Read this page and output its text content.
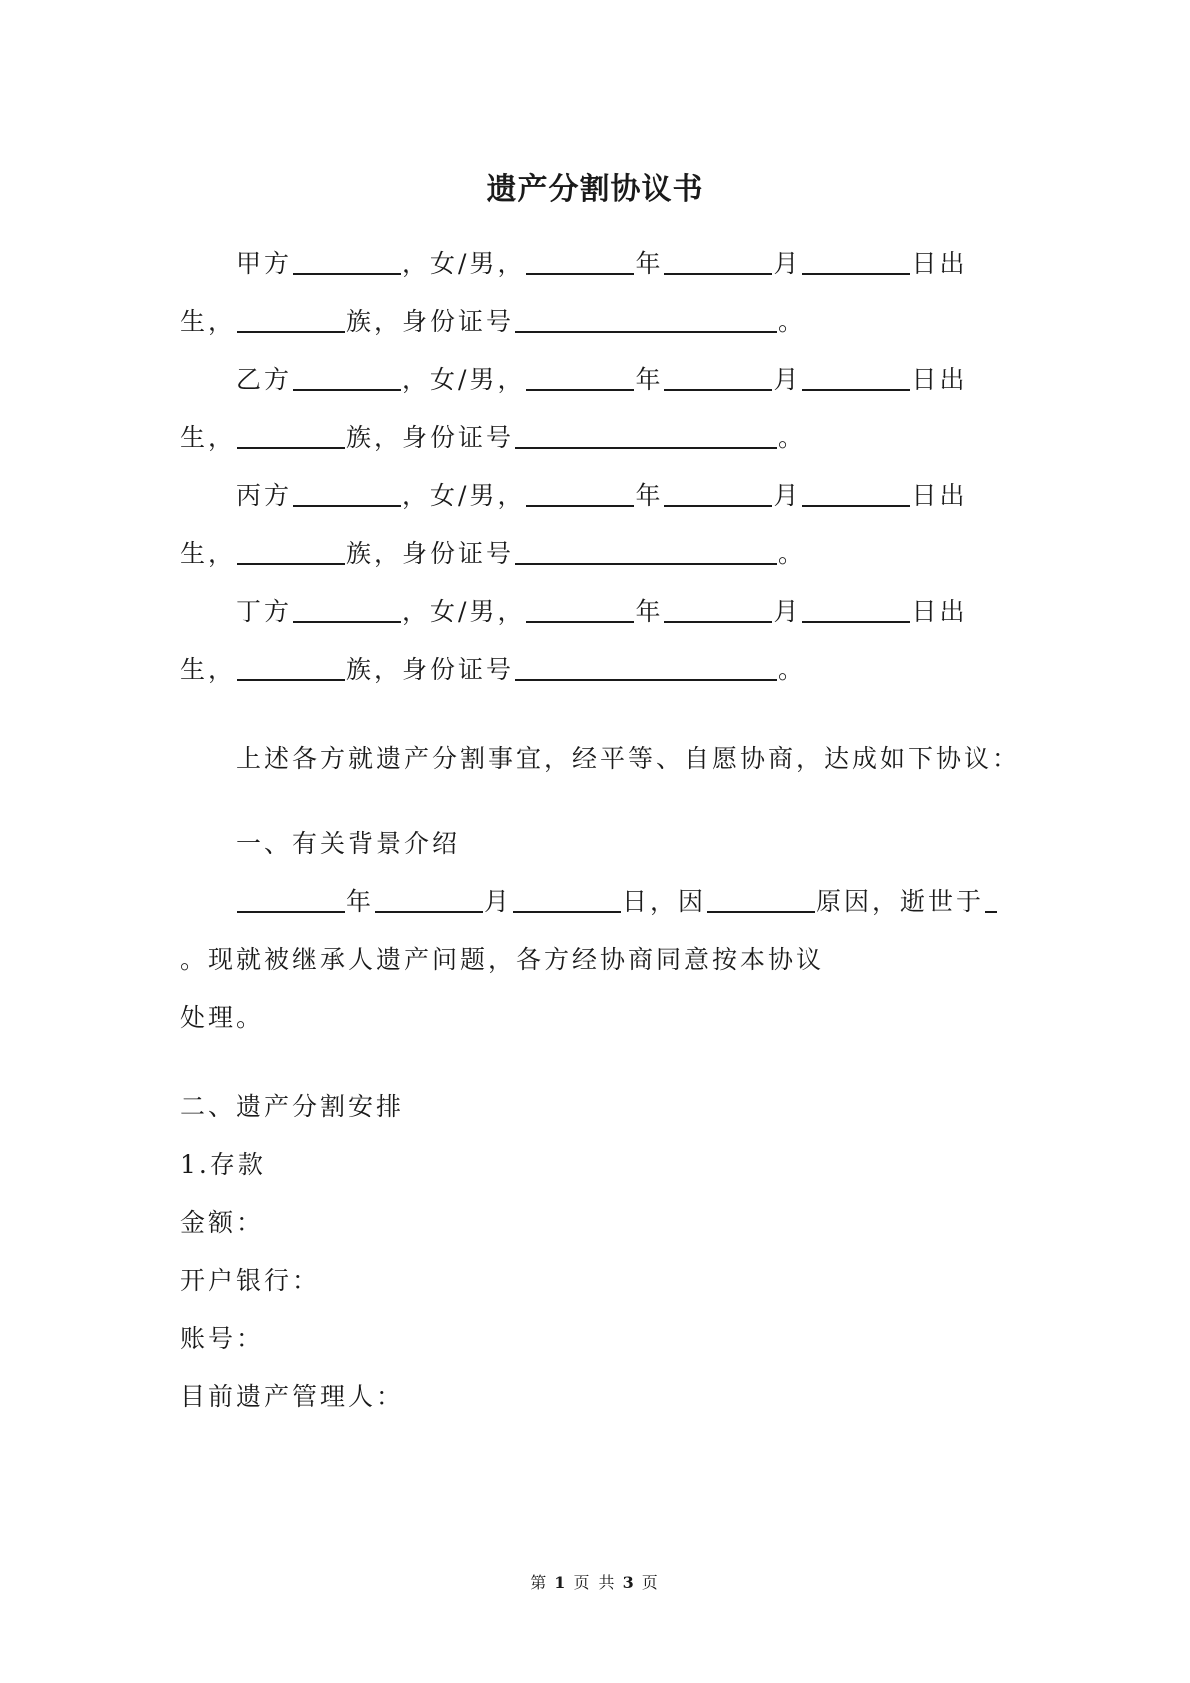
遗产分割协议书
甲方	，女/男，	年	月	日出
生，	族，身份证号	。
乙方	，女/男，	年	月	日出
生，	族，身份证号	。
丙方	，女/男，	年	月	日出
生，	族，身份证号	。
丁方	，女/男，	年	月	日出
生，	族，身份证号	。
上述各方就遗产分割事宜，经平等、自愿协商，达成如下协议：
一、有关背景介绍
年	月	日，因	原因，逝世于
。现就被继承人遗产问题，各方经协商同意按本协议
处理。
二、遗产分割安排
1.存款
金额：
开户银行：
账号：
目前遗产管理人：
第 1 页 共 3 页
